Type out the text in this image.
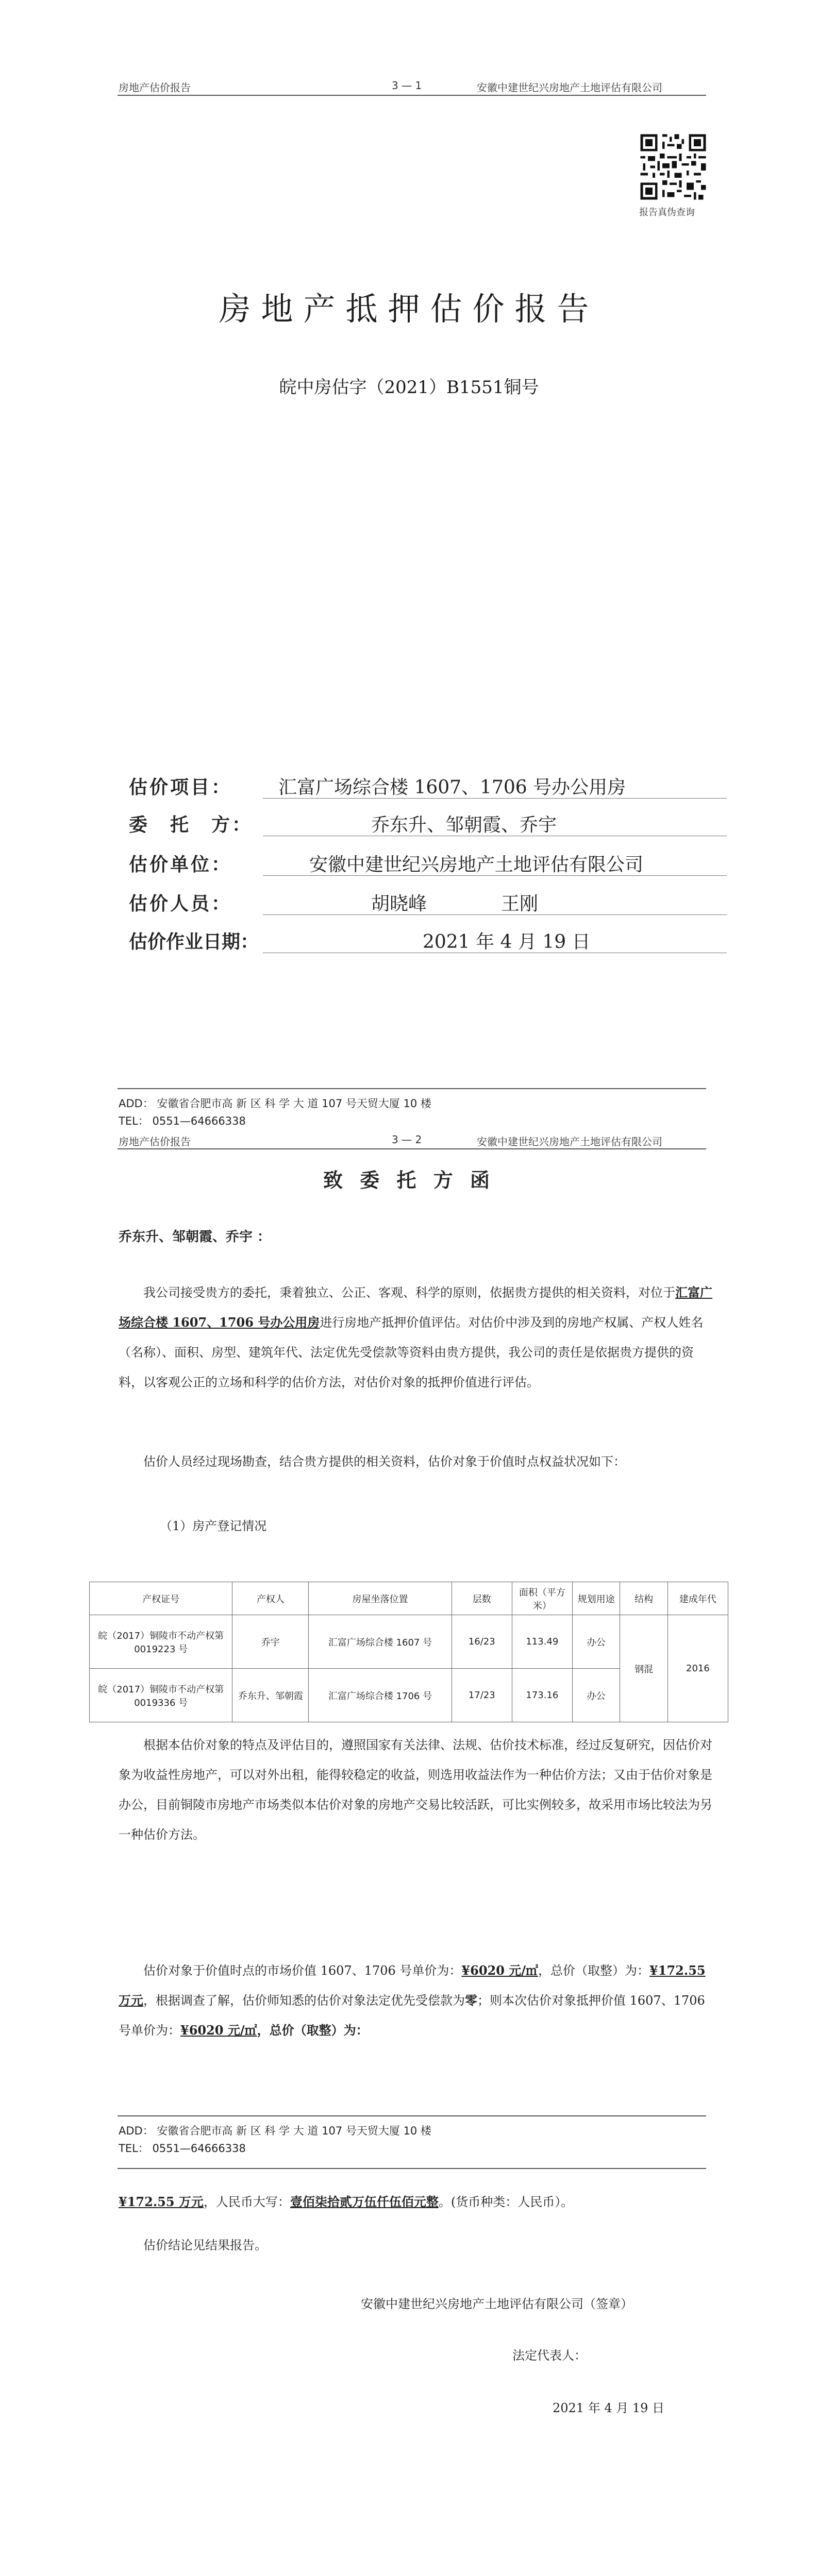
房地产估价报告	3 — 1	安徽中建世纪兴房地产土地评估有限公司
报告真伪查询
房地产抵押估价报告
皖中房估字（2021）B1551铜号
估价项目： 汇富广场综合楼 1607、1706 号办公用房
委　托　方：	乔东升、邹朝霞、乔宇
估价单位：	安徽中建世纪兴房地产土地评估有限公司
估价人员：	胡晓峰　　　　王刚
估价作业日期：	2021 年 4 月 19 日
ADD： 安徽省合肥市高 新 区 科 学 大 道 107 号天贸大厦 10 楼
TEL： 0551—64666338
房地产估价报告	3 — 2	安徽中建世纪兴房地产土地评估有限公司
致 委 托 方 函
乔东升、邹朝霞、乔宇 ：
我公司接受贵方的委托，秉着独立、公正、客观、科学的原则，依据贵方提供的相关资料，对位于汇富广场综合楼 1607、1706 号办公用房进行房地产抵押价值评估。对估价中涉及到的房地产权属、产权人姓名（名称）、面积、房型、建筑年代、法定优先受偿款等资料由贵方提供，我公司的责任是依据贵方提供的资料，以客观公正的立场和科学的估价方法，对估价对象的抵押价值进行评估。
估价人员经过现场勘查，结合贵方提供的相关资料，估价对象于价值时点权益状况如下：
（1）房产登记情况
产权证号	产权人	房屋坐落位置	层数	面积（平方米）	规划用途	结构	建成年代
皖（2017）铜陵市不动产权第0019223 号	乔宇	汇富广场综合楼 1607 号	16/23	113.49	办公	钢混	2016
皖（2017）铜陵市不动产权第0019336 号	乔东升、邹朝霞	汇富广场综合楼 1706 号	17/23	173.16	办公		
根据本估价对象的特点及评估目的，遵照国家有关法律、法规、估价技术标准，经过反复研究，因估价对象为收益性房地产，可以对外出租，能得较稳定的收益，则选用收益法作为一种估价方法；又由于估价对象是办公，目前铜陵市房地产市场类似本估价对象的房地产交易比较活跃，可比实例较多，故采用市场比较法为另一种估价方法。
估价对象于价值时点的市场价值 1607、1706 号单价为：¥6020 元/㎡，总价（取整）为：¥172.55 万元，根据调查了解，估价师知悉的估价对象法定优先受偿款为零；则本次估价对象抵押价值 1607、1706 号单价为：¥6020 元/㎡，总价（取整）为：
ADD： 安徽省合肥市高 新 区 科 学 大 道 107 号天贸大厦 10 楼
TEL： 0551—64666338
¥172.55 万元，人民币大写：壹佰柒拾贰万伍仟伍佰元整。(货币种类：人民币）。
估价结论见结果报告。
安徽中建世纪兴房地产土地评估有限公司（签章）
法定代表人：
2021 年 4 月 19 日
